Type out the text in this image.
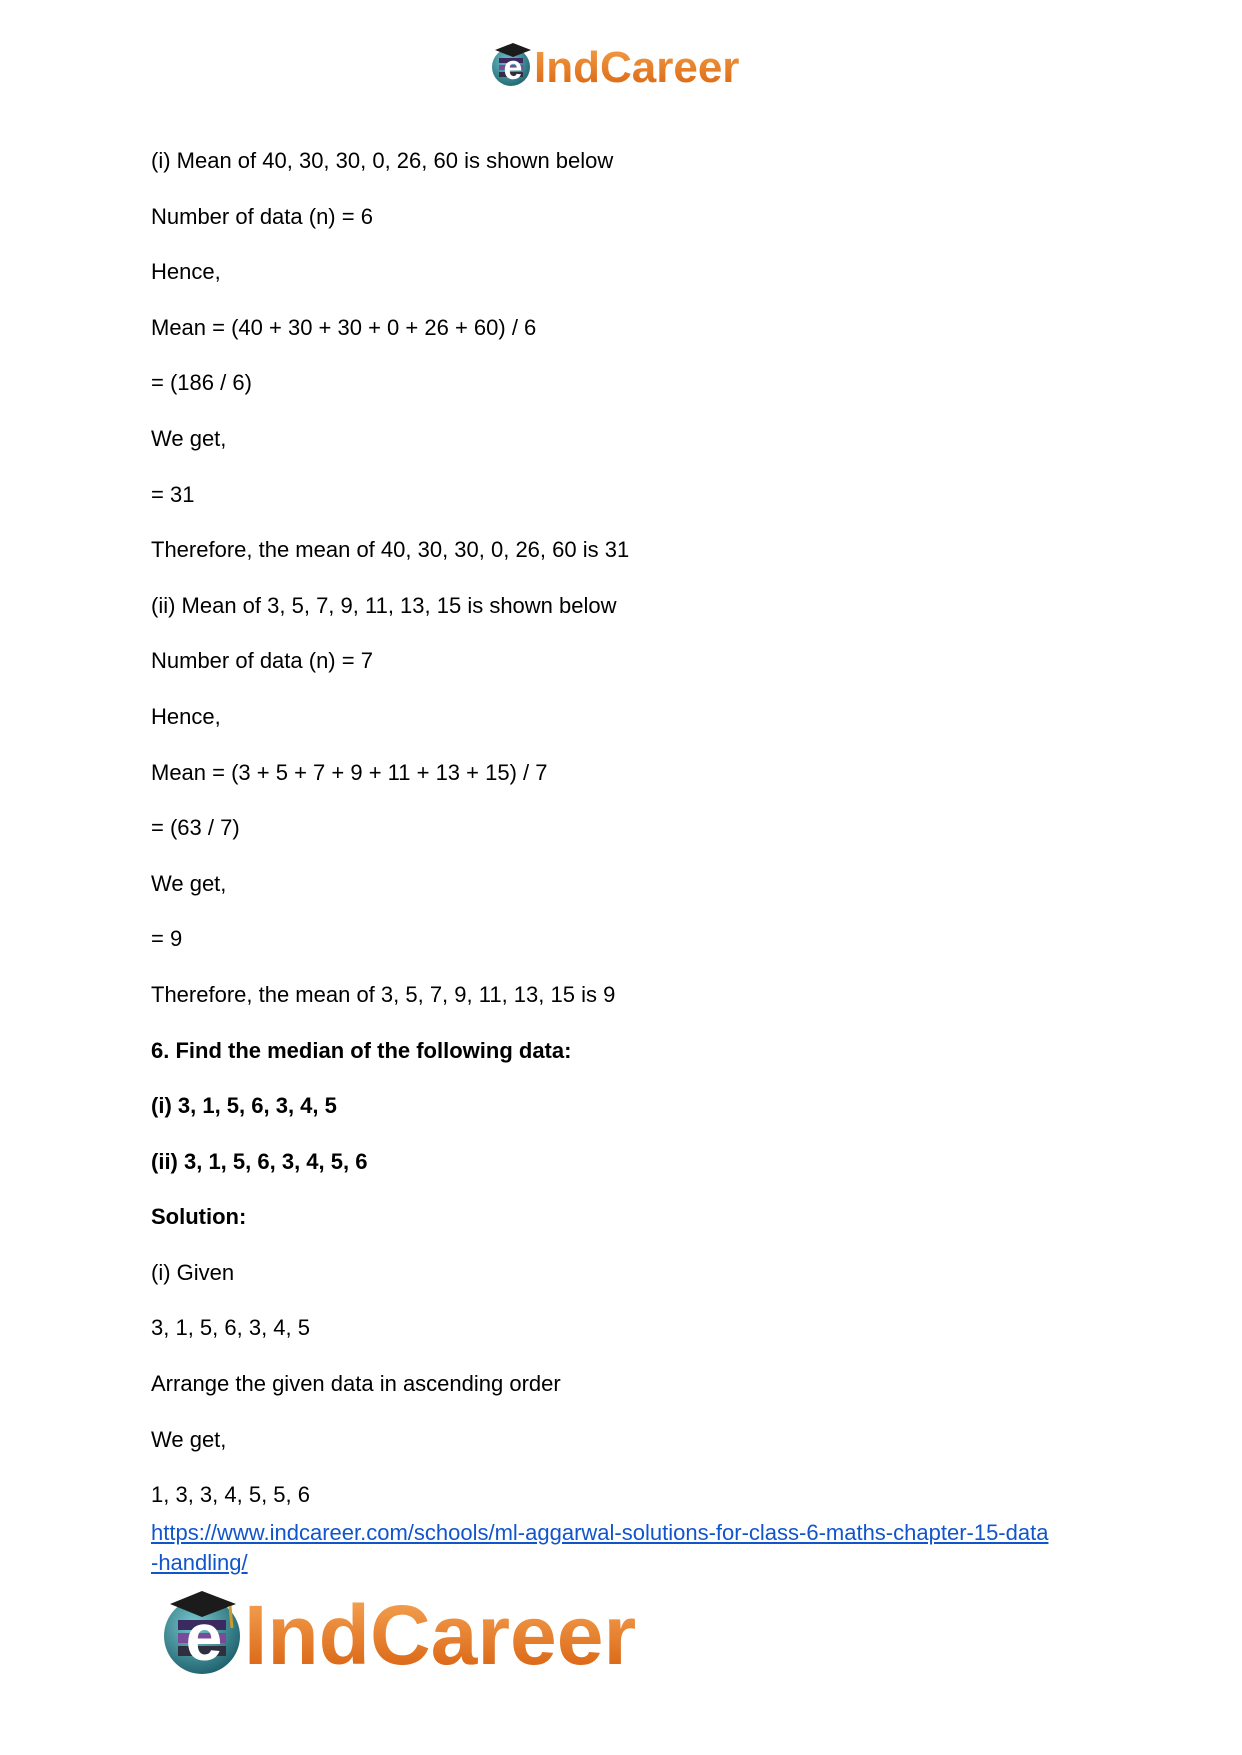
e IndCareer
(i) Mean of 40, 30, 30, 0, 26, 60 is shown below
Number of data (n) = 6
Hence,
Mean = (40 + 30 + 30 + 0 + 26 + 60) / 6
= (186 / 6)
We get,
= 31
Therefore, the mean of 40, 30, 30, 0, 26, 60 is 31
(ii) Mean of 3, 5, 7, 9, 11, 13, 15 is shown below
Number of data (n) = 7
Hence,
Mean = (3 + 5 + 7 + 9 + 11 + 13 + 15) / 7
= (63 / 7)
We get,
= 9
Therefore, the mean of 3, 5, 7, 9, 11, 13, 15 is 9
6. Find the median of the following data:
(i) 3, 1, 5, 6, 3, 4, 5
(ii) 3, 1, 5, 6, 3, 4, 5, 6
Solution:
(i) Given
3, 1, 5, 6, 3, 4, 5
Arrange the given data in ascending order
We get,
1, 3, 3, 4, 5, 5, 6
https://www.indcareer.com/schools/ml-aggarwal-solutions-for-class-6-maths-chapter-15-data
-handling/
e IndCareer
